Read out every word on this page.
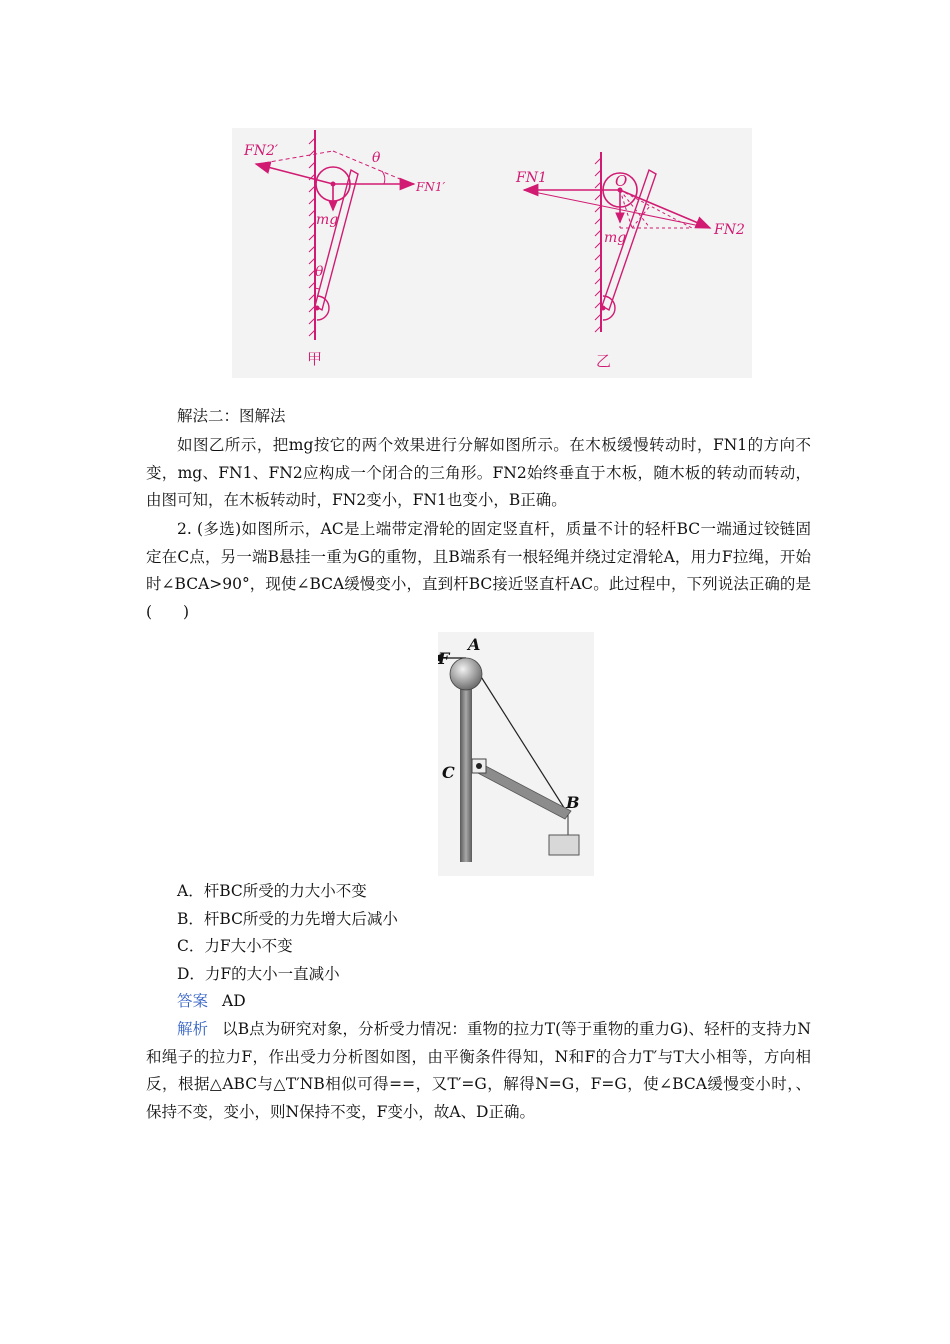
FN2′
FN1′
θ
θ
mg
甲
FN1
FN2
O
mg
乙
解法二：图解法

如图乙所示，把mg按它的两个效果进行分解如图所示。在木板缓慢转动时，FN1的方向不变，mg、FN1、FN2应构成一个闭合的三角形。FN2始终垂直于木板，随木板的转动而转动，由图可知，在木板转动时，FN2变小，FN1也变小，B正确。

2. (多选)如图所示，AC是上端带定滑轮的固定竖直杆，质量不计的轻杆BC一端通过铰链固定在C点，另一端B悬挂一重为G的重物，且B端系有一根轻绳并绕过定滑轮A，用力F拉绳，开始时∠BCA>90°，现使∠BCA缓慢变小，直到杆BC接近竖直杆AC。此过程中，下列说法正确的是(　　)

F
A
C
B
A．杆BC所受的力大小不变
B．杆BC所受的力先增大后减小
C．力F大小不变
D．力F的大小一直减小
答案 AD

解析 以B点为研究对象，分析受力情况：重物的拉力T(等于重物的重力G)、轻杆的支持力N和绳子的拉力F，作出受力分析图如图，由平衡条件得知，N和F的合力T′与T大小相等，方向相反，根据△ABC与△T′NB相似可得==，又T′=G，解得N=G，F=G，使∠BCA缓慢变小时，、保持不变，变小，则N保持不变，F变小，故A、D正确。
